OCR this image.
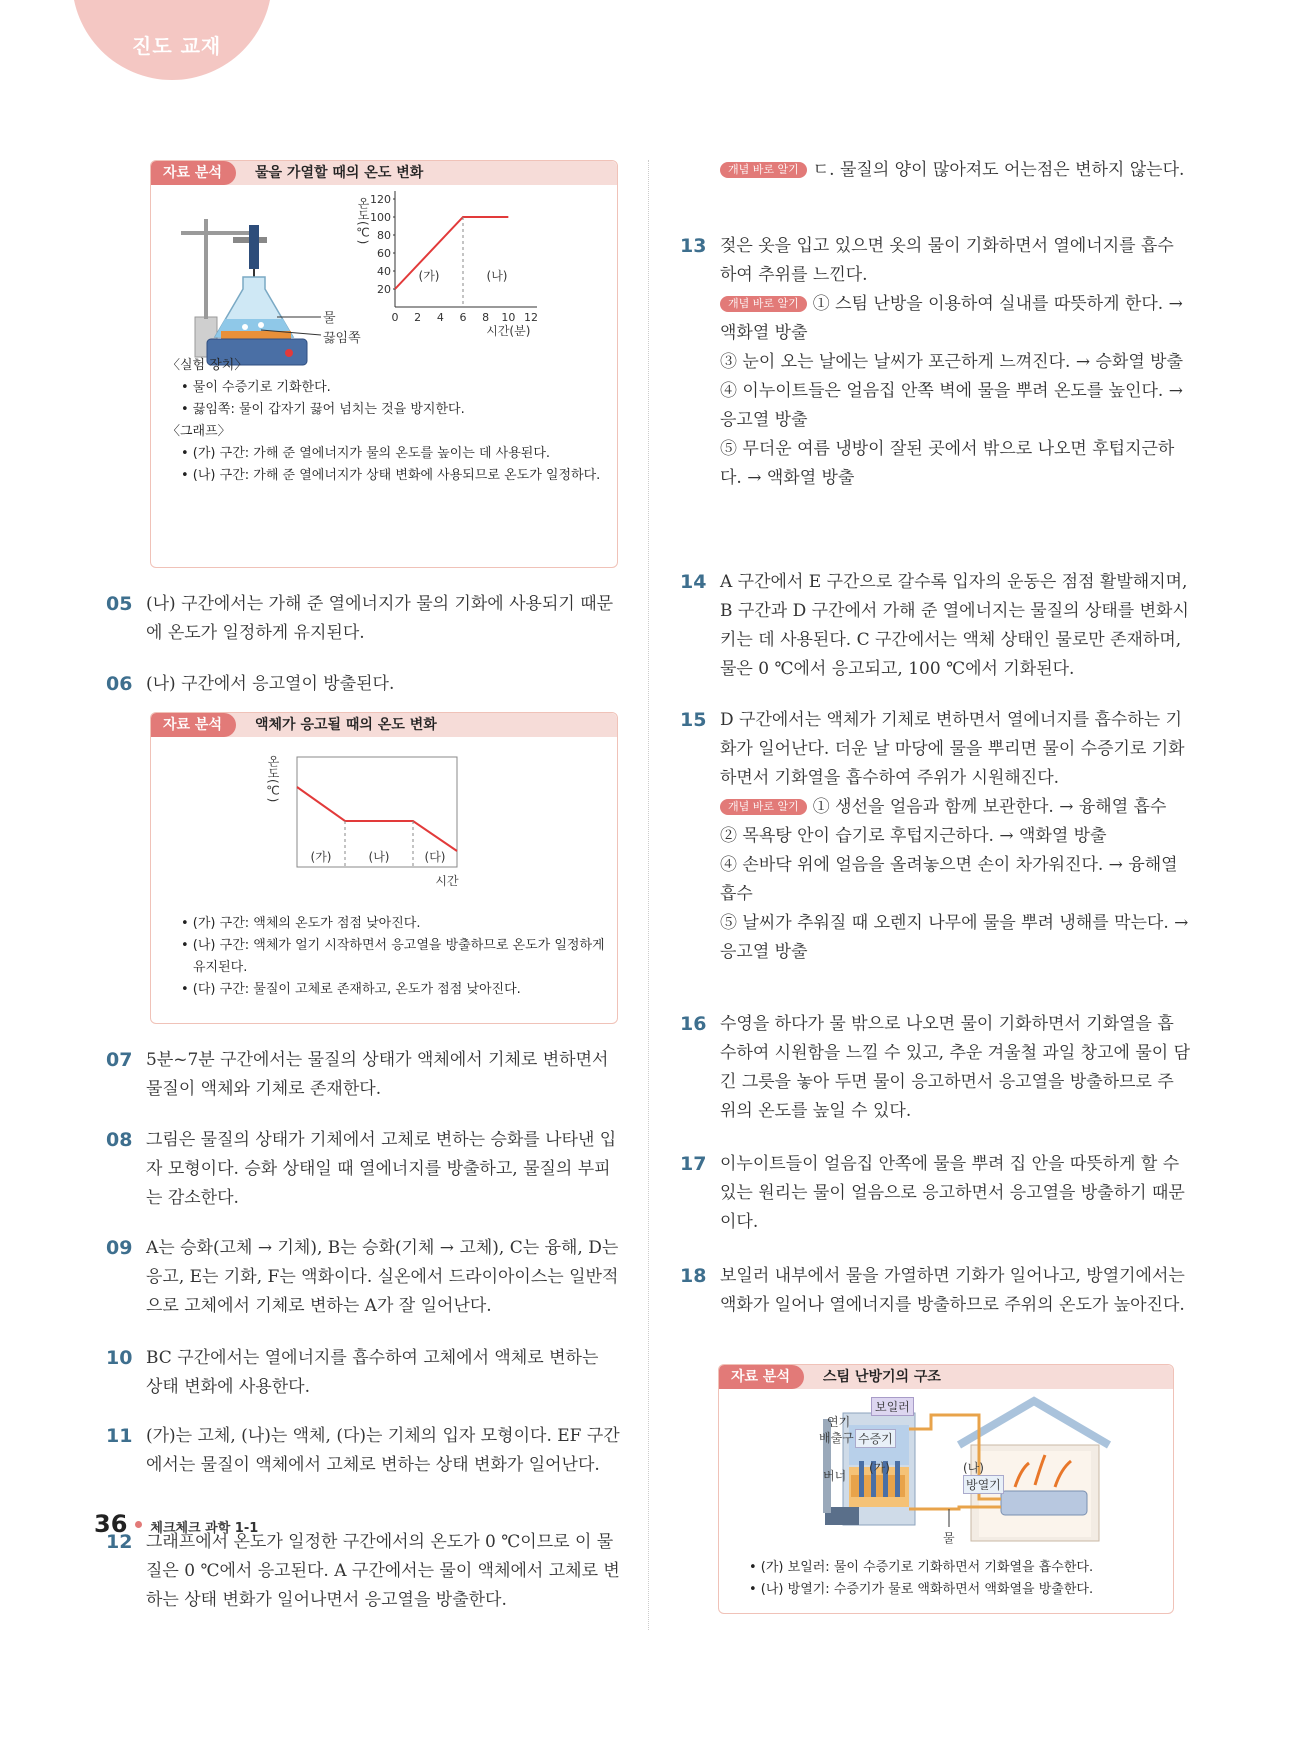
진도 교재
자료 분석	물을 가열할 때의 온도 변화
물
끓임쪽
온도(℃)
20
40
60
80
100
120
0 2 4 6 8 10 12
시간(분)
(가)	(나)
〈실험 장치〉
• 물이 수증기로 기화한다.
• 끓임쪽: 물이 갑자기 끓어 넘치는 것을 방지한다.
〈그래프〉
• (가) 구간: 가해 준 열에너지가 물의 온도를 높이는 데 사용된다.
• (나) 구간: 가해 준 열에너지가 상태 변화에 사용되므로 온도가 일정하다.
05 (나) 구간에서는 가해 준 열에너지가 물의 기화에 사용되기 때문에 온도가 일정하게 유지된다.

06 (나) 구간에서 응고열이 방출된다.

자료 분석	액체가 응고될 때의 온도 변화
온도(℃)
(가)	(나)	(다)
시간
• (가) 구간: 액체의 온도가 점점 낮아진다.
• (나) 구간: 액체가 얼기 시작하면서 응고열을 방출하므로 온도가 일정하게 유지된다.
• (다) 구간: 물질이 고체로 존재하고, 온도가 점점 낮아진다.
07 5분~7분 구간에서는 물질의 상태가 액체에서 기체로 변하면서 물질이 액체와 기체로 존재한다.

08 그림은 물질의 상태가 기체에서 고체로 변하는 승화를 나타낸 입자 모형이다. 승화 상태일 때 열에너지를 방출하고, 물질의 부피는 감소한다.

09 A는 승화(고체 → 기체), B는 승화(기체 → 고체), C는 융해, D는 응고, E는 기화, F는 액화이다. 실온에서 드라이아이스는 일반적으로 고체에서 기체로 변하는 A가 잘 일어난다.

10 BC 구간에서는 열에너지를 흡수하여 고체에서 액체로 변하는 상태 변화에 사용한다.

11 (가)는 고체, (나)는 액체, (다)는 기체의 입자 모형이다. EF 구간에서는 물질이 액체에서 고체로 변하는 상태 변화가 일어난다.

12 그래프에서 온도가 일정한 구간에서의 온도가 0 ℃이므로 이 물질은 0 ℃에서 응고된다. A 구간에서는 물이 액체에서 고체로 변하는 상태 변화가 일어나면서 응고열을 방출한다.

개념 바로 알기 ㄷ. 물질의 양이 많아져도 어는점은 변하지 않는다.

13 젖은 옷을 입고 있으면 옷의 물이 기화하면서 열에너지를 흡수하여 추위를 느낀다.

개념 바로 알기 ① 스팀 난방을 이용하여 실내를 따뜻하게 한다. → 액화열 방출

③ 눈이 오는 날에는 날씨가 포근하게 느껴진다. → 승화열 방출

④ 이누이트들은 얼음집 안쪽 벽에 물을 뿌려 온도를 높인다. → 응고열 방출

⑤ 무더운 여름 냉방이 잘된 곳에서 밖으로 나오면 후텁지근하다. → 액화열 방출

14 A 구간에서 E 구간으로 갈수록 입자의 운동은 점점 활발해지며, B 구간과 D 구간에서 가해 준 열에너지는 물질의 상태를 변화시키는 데 사용된다. C 구간에서는 액체 상태인 물로만 존재하며, 물은 0 ℃에서 응고되고, 100 ℃에서 기화된다.

15 D 구간에서는 액체가 기체로 변하면서 열에너지를 흡수하는 기화가 일어난다. 더운 날 마당에 물을 뿌리면 물이 수증기로 기화하면서 기화열을 흡수하여 주위가 시원해진다.

개념 바로 알기 ① 생선을 얼음과 함께 보관한다. → 융해열 흡수

② 목욕탕 안이 습기로 후텁지근하다. → 액화열 방출

④ 손바닥 위에 얼음을 올려놓으면 손이 차가워진다. → 융해열 흡수

⑤ 날씨가 추워질 때 오렌지 나무에 물을 뿌려 냉해를 막는다. → 응고열 방출

16 수영을 하다가 물 밖으로 나오면 물이 기화하면서 기화열을 흡수하여 시원함을 느낄 수 있고, 추운 겨울철 과일 창고에 물이 담긴 그릇을 놓아 두면 물이 응고하면서 응고열을 방출하므로 주위의 온도를 높일 수 있다.

17 이누이트들이 얼음집 안쪽에 물을 뿌려 집 안을 따뜻하게 할 수 있는 원리는 물이 얼음으로 응고하면서 응고열을 방출하기 때문이다.

18 보일러 내부에서 물을 가열하면 기화가 일어나고, 방열기에서는 액화가 일어나 열에너지를 방출하므로 주위의 온도가 높아진다.

자료 분석	스팀 난방기의 구조
보일러
연기
배출구 수증기
버너
(가)	(나)
방열기
물
• (가) 보일러: 물이 수증기로 기화하면서 기화열을 흡수한다.
• (나) 방열기: 수증기가 물로 액화하면서 액화열을 방출한다.
36 체크체크 과학 1-1
